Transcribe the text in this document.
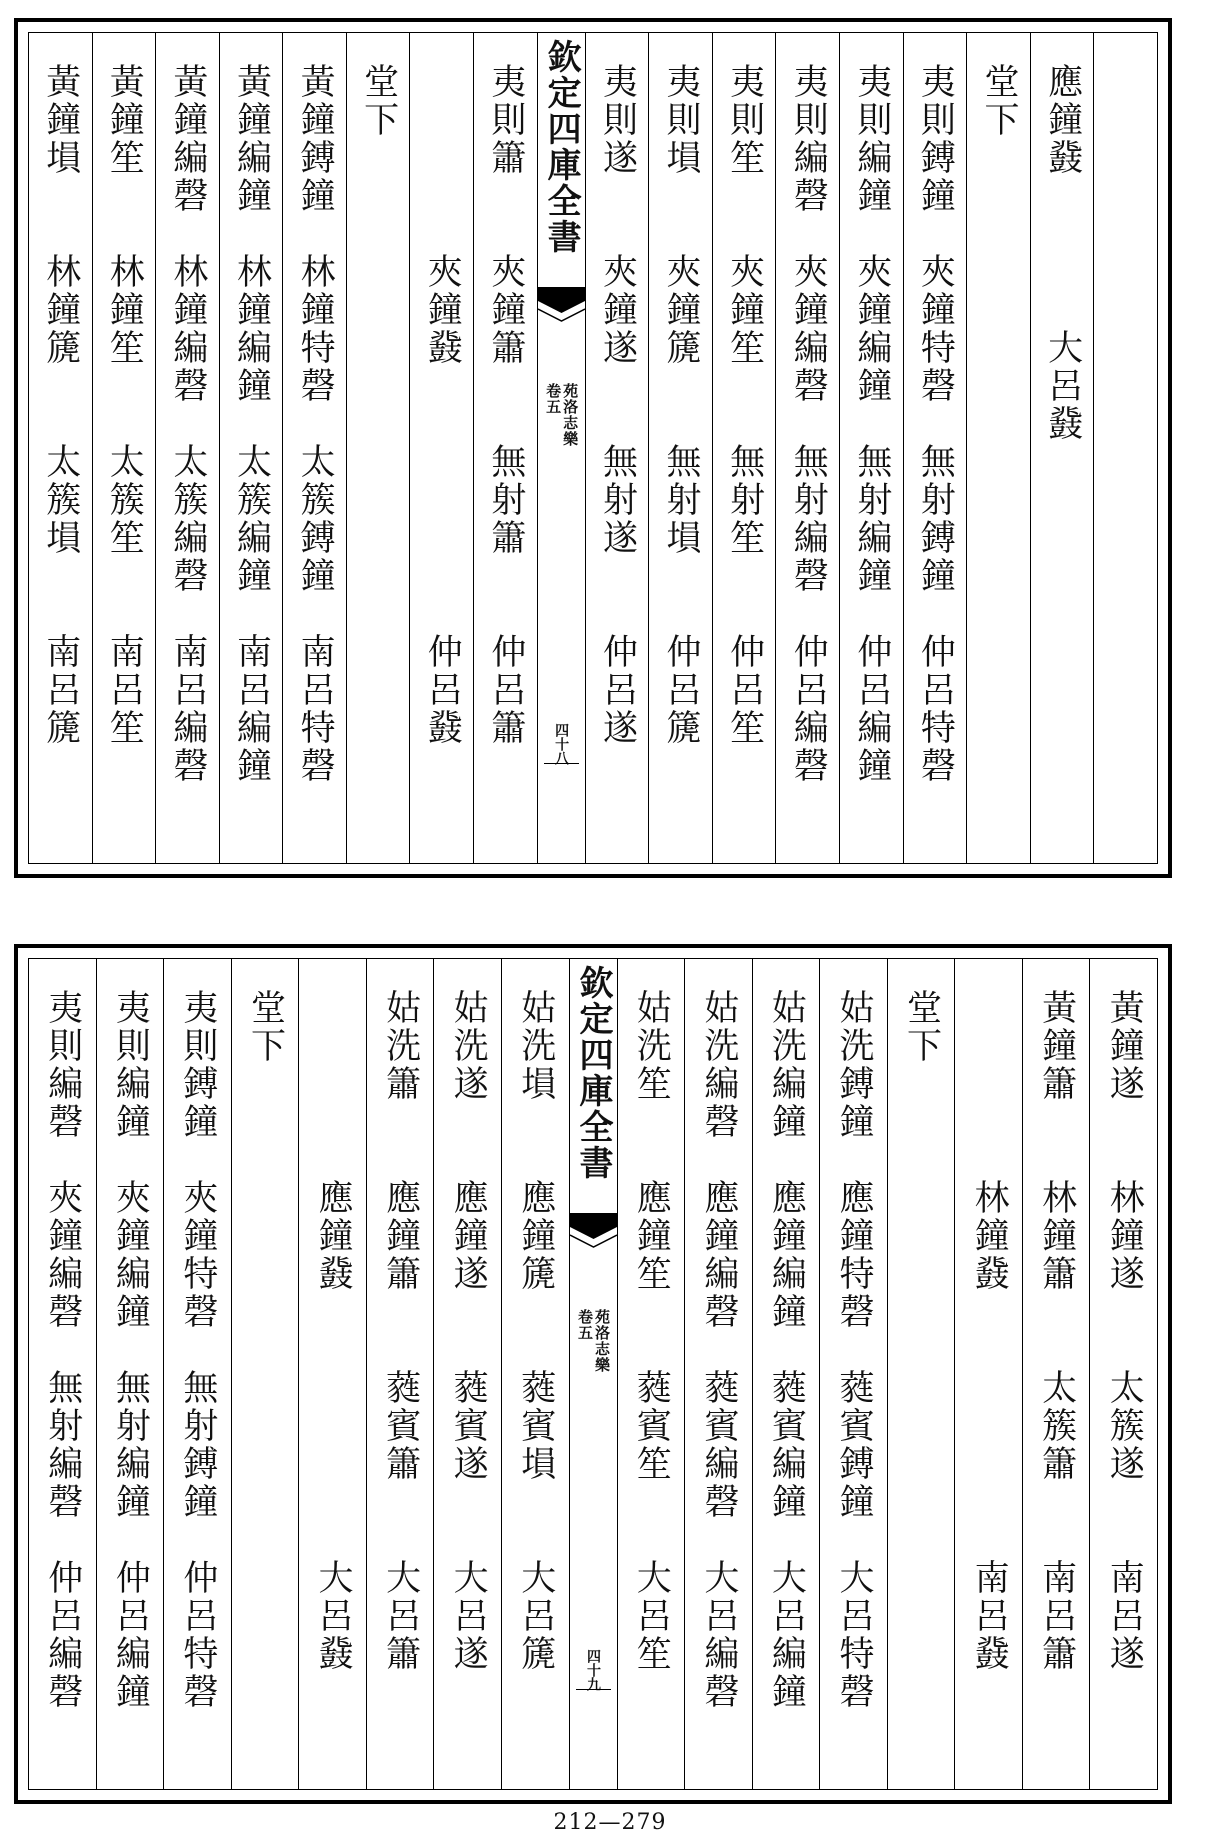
應鐘鼗　　　　大呂鼗
堂下
夷則鎛鐘　夾鐘特磬　無射鎛鐘　仲呂特磬
夷則編鐘　夾鐘編鐘　無射編鐘　仲呂編鐘
夷則編磬　夾鐘編磬　無射編磬　仲呂編磬
夷則笙　　夾鐘笙　　無射笙　　仲呂笙
夷則塤　　夾鐘篪　　無射塤　　仲呂篪
夷則遂　　夾鐘遂　　無射遂　　仲呂遂
欽定四庫全書
苑洛志樂
卷五
四十八
夷則簫　　夾鐘簫　　無射簫　　仲呂簫
　　　　　夾鐘鼗　　　　　　　仲呂鼗
堂下
黃鐘鎛鐘　林鐘特磬　太簇鎛鐘　南呂特磬
黃鐘編鐘　林鐘編鐘　太簇編鐘　南呂編鐘
黃鐘編磬　林鐘編磬　太簇編磬　南呂編磬
黃鐘笙　　林鐘笙　　太簇笙　　南呂笙
黃鐘塤　　林鐘篪　　太簇塤　　南呂篪
黃鐘遂　　林鐘遂　　太簇遂　　南呂遂
黃鐘簫　　林鐘簫　　太簇簫　　南呂簫
　　　　　林鐘鼗　　　　　　　南呂鼗
堂下
姑洗鎛鐘　應鐘特磬　蕤賓鎛鐘　大呂特磬
姑洗編鐘　應鐘編鐘　蕤賓編鐘　大呂編鐘
姑洗編磬　應鐘編磬　蕤賓編磬　大呂編磬
姑洗笙　　應鐘笙　　蕤賓笙　　大呂笙
欽定四庫全書
苑洛志樂
卷五
四十九
姑洗塤　　應鐘篪　　蕤賓塤　　大呂篪
姑洗遂　　應鐘遂　　蕤賓遂　　大呂遂
姑洗簫　　應鐘簫　　蕤賓簫　　大呂簫
　　　　　應鐘鼗　　　　　　　大呂鼗
堂下
夷則鎛鐘　夾鐘特磬　無射鎛鐘　仲呂特磬
夷則編鐘　夾鐘編鐘　無射編鐘　仲呂編鐘
夷則編磬　夾鐘編磬　無射編磬　仲呂編磬
212—279
